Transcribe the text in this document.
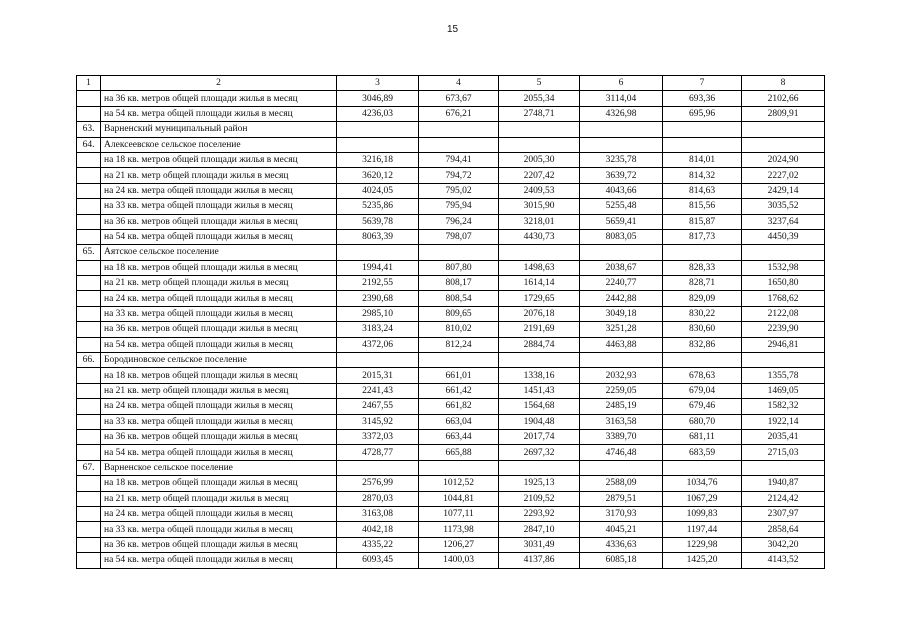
15
1	2	3	4	5	6	7	8
	на 36 кв. метров общей площади жилья в месяц	3046,89	673,67	2055,34	3114,04	693,36	2102,66
	на 54 кв. метра общей площади жилья в месяц	4236,03	676,21	2748,71	4326,98	695,96	2809,91
63.	Варненский муниципальный район						
64.	Алексеевское сельское поселение						
	на 18 кв. метров общей площади жилья в месяц	3216,18	794,41	2005,30	3235,78	814,01	2024,90
	на 21 кв. метр общей площади жилья в месяц	3620,12	794,72	2207,42	3639,72	814,32	2227,02
	на 24 кв. метра общей площади жилья в месяц	4024,05	795,02	2409,53	4043,66	814,63	2429,14
	на 33 кв. метра общей площади жилья в месяц	5235,86	795,94	3015,90	5255,48	815,56	3035,52
	на 36 кв. метров общей площади жилья в месяц	5639,78	796,24	3218,01	5659,41	815,87	3237,64
	на 54 кв. метра общей площади жилья в месяц	8063,39	798,07	4430,73	8083,05	817,73	4450,39
65.	Аятское сельское поселение						
	на 18 кв. метров общей площади жилья в месяц	1994,41	807,80	1498,63	2038,67	828,33	1532,98
	на 21 кв. метр общей площади жилья в месяц	2192,55	808,17	1614,14	2240,77	828,71	1650,80
	на 24 кв. метра общей площади жилья в месяц	2390,68	808,54	1729,65	2442,88	829,09	1768,62
	на 33 кв. метра общей площади жилья в месяц	2985,10	809,65	2076,18	3049,18	830,22	2122,08
	на 36 кв. метров общей площади жилья в месяц	3183,24	810,02	2191,69	3251,28	830,60	2239,90
	на 54 кв. метра общей площади жилья в месяц	4372,06	812,24	2884,74	4463,88	832,86	2946,81
66.	Бородиновское сельское поселение						
	на 18 кв. метров общей площади жилья в месяц	2015,31	661,01	1338,16	2032,93	678,63	1355,78
	на 21 кв. метр общей площади жилья в месяц	2241,43	661,42	1451,43	2259,05	679,04	1469,05
	на 24 кв. метра общей площади жилья в месяц	2467,55	661,82	1564,68	2485,19	679,46	1582,32
	на 33 кв. метра общей площади жилья в месяц	3145,92	663,04	1904,48	3163,58	680,70	1922,14
	на 36 кв. метров общей площади жилья в месяц	3372,03	663,44	2017,74	3389,70	681,11	2035,41
	на 54 кв. метра общей площади жилья в месяц	4728,77	665,88	2697,32	4746,48	683,59	2715,03
67.	Варненское сельское поселение						
	на 18 кв. метров общей площади жилья в месяц	2576,99	1012,52	1925,13	2588,09	1034,76	1940,87
	на 21 кв. метр общей площади жилья в месяц	2870,03	1044,81	2109,52	2879,51	1067,29	2124,42
	на 24 кв. метра общей площади жилья в месяц	3163,08	1077,11	2293,92	3170,93	1099,83	2307,97
	на 33 кв. метра общей площади жилья в месяц	4042,18	1173,98	2847,10	4045,21	1197,44	2858,64
	на 36 кв. метров общей площади жилья в месяц	4335,22	1206,27	3031,49	4336,63	1229,98	3042,20
	на 54 кв. метра общей площади жилья в месяц	6093,45	1400,03	4137,86	6085,18	1425,20	4143,52
